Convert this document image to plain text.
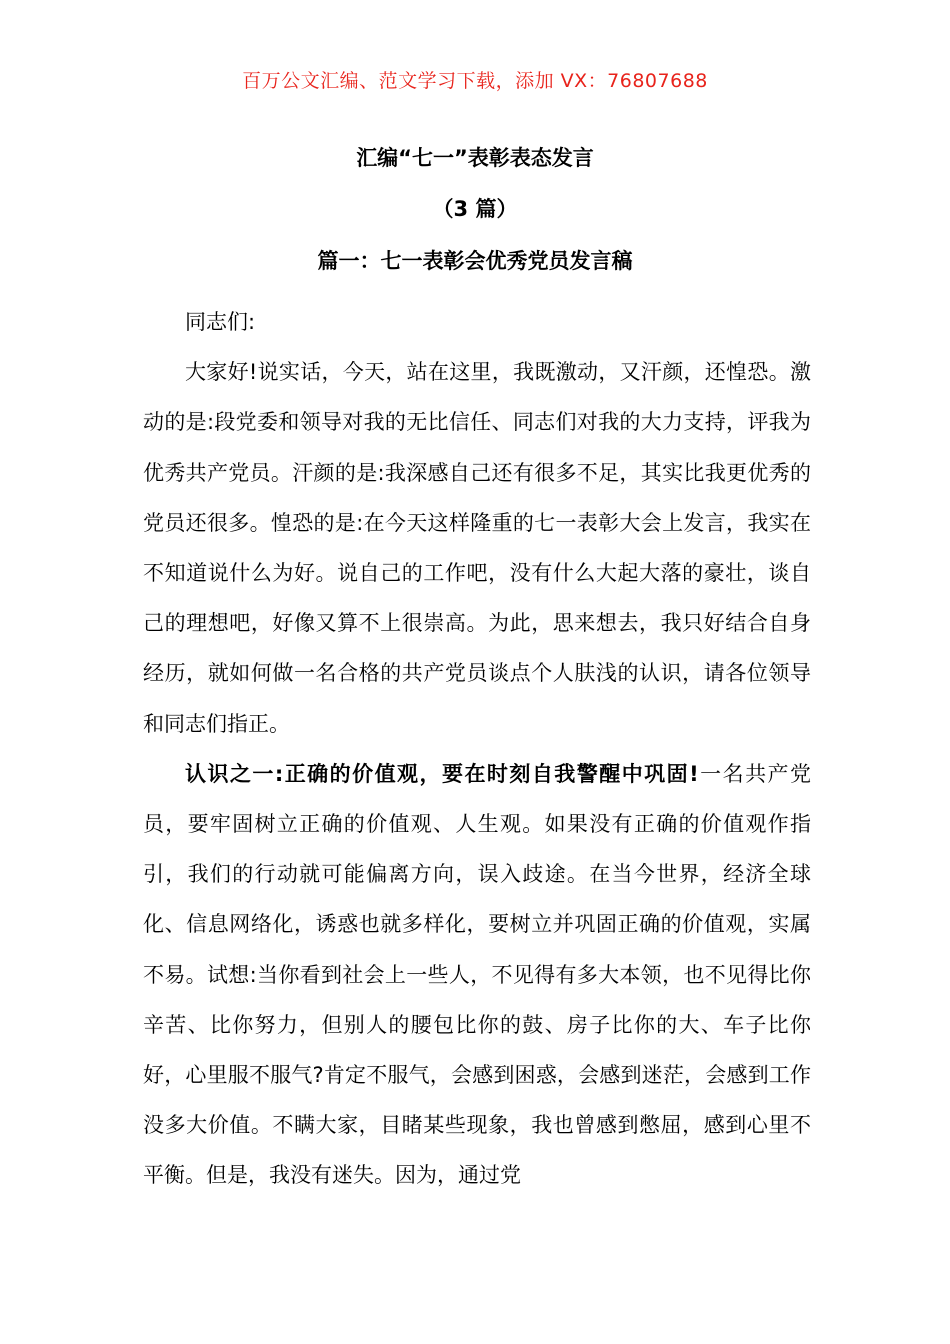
百万公文汇编、范文学习下载，添加 VX：76807688
汇编“七一”表彰表态发言
（3 篇）
篇一：七一表彰会优秀党员发言稿

同志们:

大家好!说实话，今天，站在这里，我既激动，又汗颜，还惶恐。激动的是:段党委和领导对我的无比信任、同志们对我的大力支持，评我为优秀共产党员。汗颜的是:我深感自己还有很多不足，其实比我更优秀的党员还很多。惶恐的是:在今天这样隆重的七一表彰大会上发言，我实在不知道说什么为好。说自己的工作吧，没有什么大起大落的豪壮，谈自己的理想吧，好像又算不上很崇高。为此，思来想去，我只好结合自身经历，就如何做一名合格的共产党员谈点个人肤浅的认识，请各位领导和同志们指正。

认识之一:正确的价值观，要在时刻自我警醒中巩固!一名共产党员，要牢固树立正确的价值观、人生观。如果没有正确的价值观作指引，我们的行动就可能偏离方向，误入歧途。在当今世界，经济全球化、信息网络化，诱惑也就多样化，要树立并巩固正确的价值观，实属不易。试想:当你看到社会上一些人，不见得有多大本领，也不见得比你辛苦、比你努力，但别人的腰包比你的鼓、房子比你的大、车子比你好，心里服不服气?肯定不服气，会感到困惑，会感到迷茫，会感到工作没多大价值。不瞒大家，目睹某些现象，我也曾感到憋屈，感到心里不平衡。但是，我没有迷失。因为，通过党
